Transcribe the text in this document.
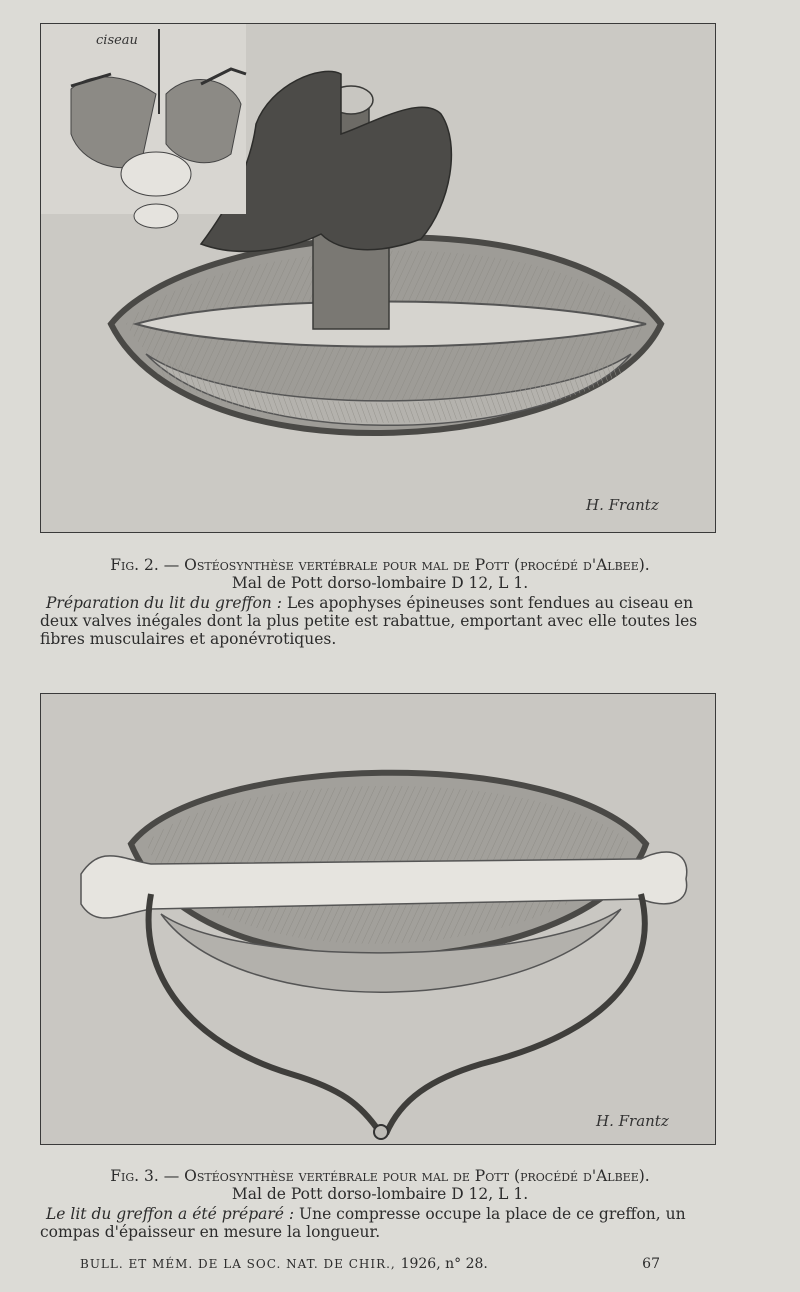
ciseau
H. Frantz
Fig. 2. — Ostéosynthèse vertébrale pour mal de Pott (procédé d'Albee).
Mal de Pott dorso-lombaire D 12, L 1.
Préparation du lit du greffon : Les apophyses épineuses sont fendues au ciseau en deux valves inégales dont la plus petite est rabattue, emportant avec elle toutes les fibres musculaires et aponévrotiques.
H. Frantz
Fig. 3. — Ostéosynthèse vertébrale pour mal de Pott (procédé d'Albee).
Mal de Pott dorso-lombaire D 12, L 1.
Le lit du greffon a été préparé : Une compresse occupe la place de ce greffon, un compas d'épaisseur en mesure la longueur.
BULL. ET MÉM. DE LA SOC. NAT. DE CHIR., 1926, n° 28.	67
